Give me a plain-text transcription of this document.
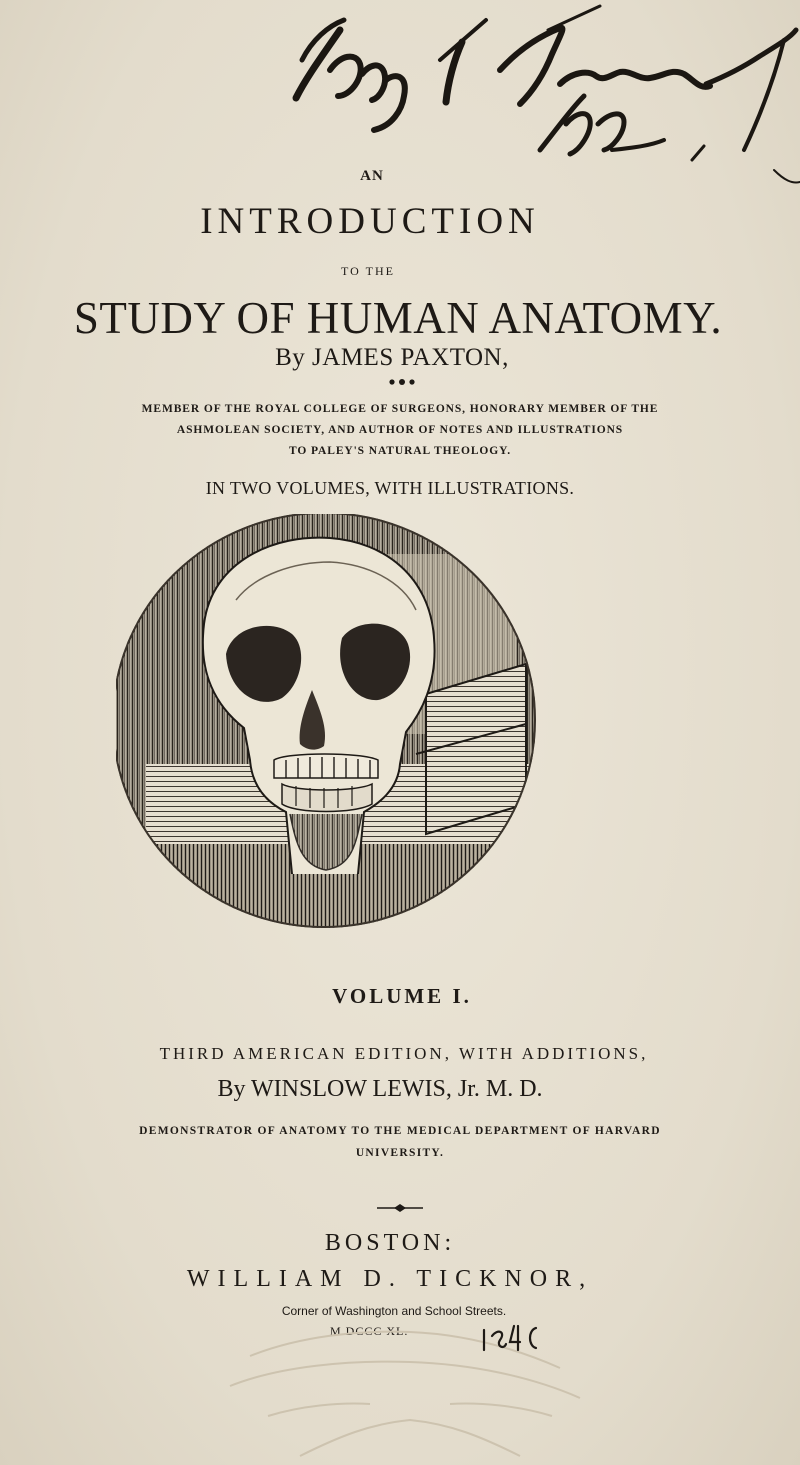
AN
INTRODUCTION
TO THE
STUDY OF HUMAN ANATOMY.
By JAMES PAXTON,
MEMBER OF THE ROYAL COLLEGE OF SURGEONS, HONORARY MEMBER OF THE
ASHMOLEAN SOCIETY, AND AUTHOR OF NOTES AND ILLUSTRATIONS
TO PALEY'S NATURAL THEOLOGY.
IN TWO VOLUMES, WITH ILLUSTRATIONS.
VOLUME I.
THIRD AMERICAN EDITION, WITH ADDITIONS,
By WINSLOW LEWIS, Jr. M. D.
DEMONSTRATOR OF ANATOMY TO THE MEDICAL DEPARTMENT OF HARVARD
UNIVERSITY.
BOSTON:
WILLIAM D. TICKNOR,
Corner of Washington and School Streets.
M DCCC XL.
